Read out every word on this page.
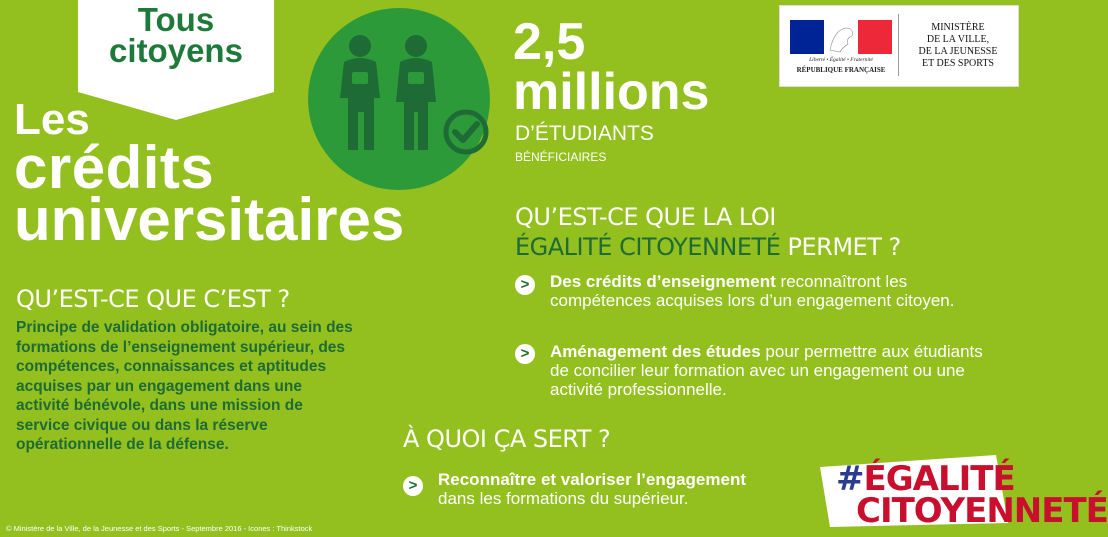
Tous
citoyens
Les
crédits
universitaires
2,5
millions
D’ÉTUDIANTS
BÉNÉFICIAIRES
Liberté • Égalité • Fraternité
RÉPUBLIQUE FRANÇAISE
MINISTÈRE
DE LA VILLE,
DE LA JEUNESSE
ET DES SPORTS
QU’EST-CE QUE LA LOI
ÉGALITÉ CITOYENNETÉ PERMET ?
>	Des crédits d’enseignement reconnaîtront les compétences acquises lors d’un engagement citoyen.
>	Aménagement des études pour permettre aux étudiants de concilier leur formation avec un engagement ou une activité professionnelle.
QU’EST-CE QUE C’EST ?
Principe de validation obligatoire, au sein des formations de l’enseignement supérieur, des compétences, connaissances et aptitudes acquises par un engagement dans une activité bénévole, dans une mission de service civique ou dans la réserve opérationnelle de la défense.	À QUOI ÇA SERT ?
>	Reconnaître et valoriser l’engagement dans les formations du supérieur.	#ÉGALITÉ
CITOYENNETÉ
© Ministère de la Ville, de la Jeunesse et des Sports - Septembre 2016 - Icones : Thinkstock
